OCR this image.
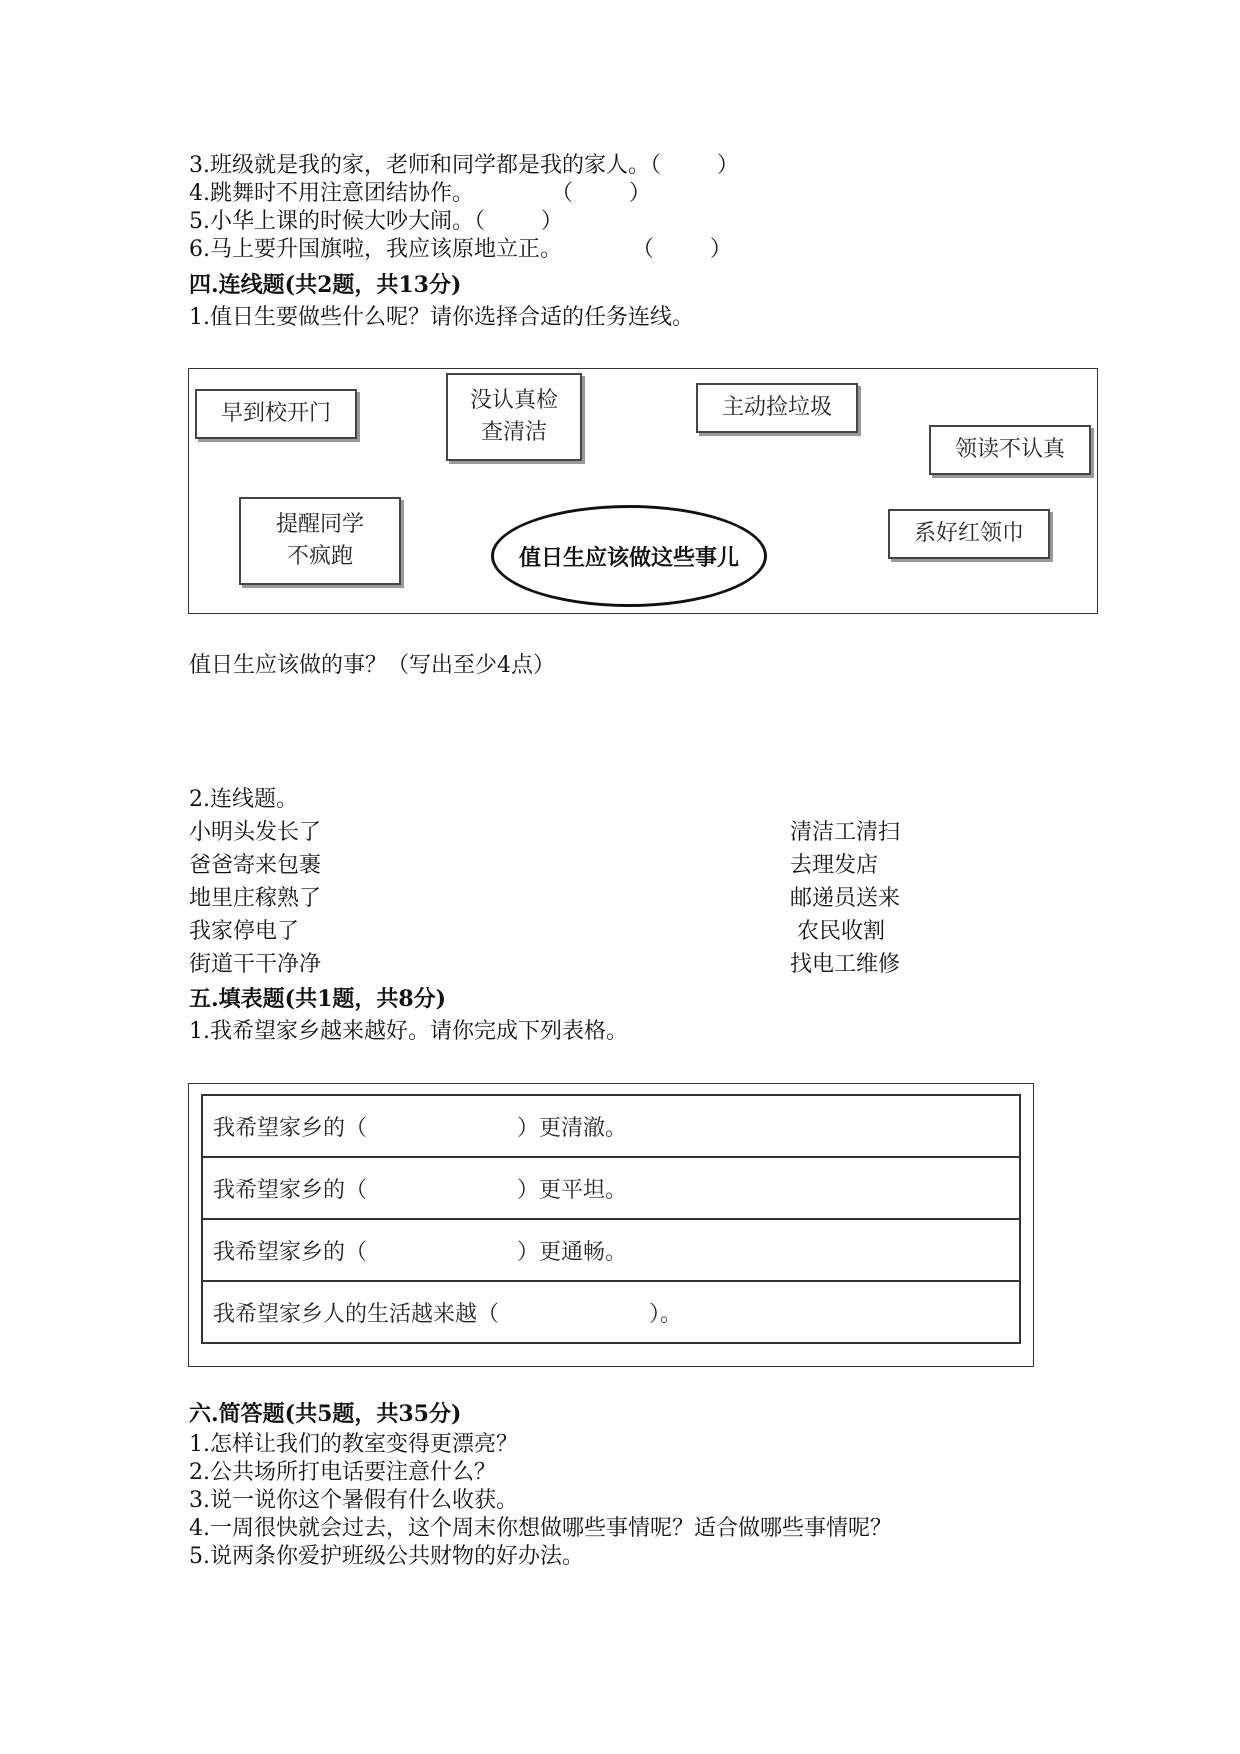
3.班级就是我的家，老师和同学都是我的家人。（        ）
4.跳舞时不用注意团结协作。           （        ）
5.小华上课的时候大吵大闹。（        ）
6.马上要升国旗啦，我应该原地立正。          （        ）
四.连线题(共2题，共13分)
1.值日生要做些什么呢？请你选择合适的任务连线。
早到校开门
没认真检
查清洁
主动捡垃圾
领读不认真
提醒同学
不疯跑
系好红领巾
值日生应该做这些事儿
值日生应该做的事？（写出至少4点）
2.连线题。
小明头发长了
爸爸寄来包裹
地里庄稼熟了
我家停电了
街道干干净净
清洁工清扫
去理发店
邮递员送来
农民收割
找电工维修
五.填表题(共1题，共8分)
1.我希望家乡越来越好。请你完成下列表格。
我希望家乡的（	）更清澈。
我希望家乡的（	）更平坦。
我希望家乡的（	）更通畅。
我希望家乡人的生活越来越（	）。
六.简答题(共5题，共35分)
1.怎样让我们的教室变得更漂亮？
2.公共场所打电话要注意什么？
3.说一说你这个暑假有什么收获。
4.一周很快就会过去，这个周末你想做哪些事情呢？适合做哪些事情呢？
5.说两条你爱护班级公共财物的好办法。
